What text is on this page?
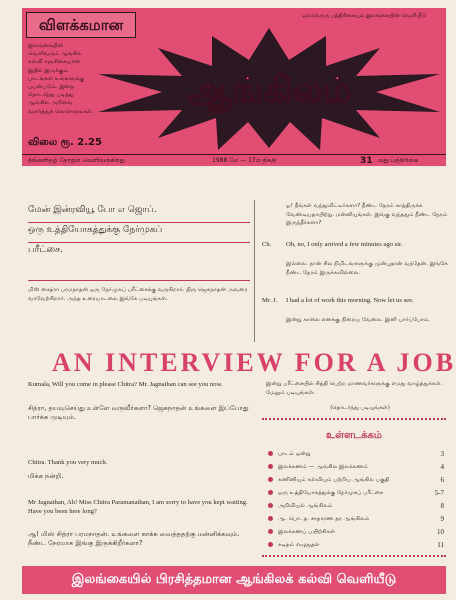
விளக்கமான
இலங்கையின் வெளிவரும் ஆங்கில கல்வி சஞ்சிகையான இதில் இருக்கும் பாடங்கள் உங்களுக்கு பயன்படும். இதை தொடர்ந்து படித்து ஆங்கில அறிவை வளர்த்துக் கொள்ளுங்கள்.
விலை ரூ. 2.25
ஒவ்வொரு பத்திரிகையும் இலங்கையின் வெளியீடு
ஆங்கிலம்
திங்களிதழ் தோறும் வெளிவருகிறது	1988 மே — 17ம் திகதி	31 வது பத்திரிகை
மேன் இன்ரவியூ போ எ ஜொப்.
ஒரு உத்தியோகத்துக்கு நேர்முகப்
பரீட்சை.
மிஸ் சைத்ரா பரமநாதன் ஒரு நேர்முகப் பரீட்சைக்கு வருகிறார். திரு ஜெகநாதன் அவரை வரவேற்கிறார். அந்த உரையாடலை இங்கே படியுங்கள்.
ஓ! நீங்கள் வந்துவிட்டீர்களா? நீண்ட நேரம் காத்திருக்க வேண்டியதாயிற்று. மன்னியுங்கள். இங்கு வந்ததும் நீண்ட நேரம் இருந்தீர்களா?
Ch.	Oh, no, I only arrived a few minutes ago sir.
இல்லை. நான் சில நிமிடங்களுக்கு முன்புதான் வந்தேன். இங்கே நீண்ட நேரம் இருக்கவில்லை.
Mr. J.	I had a lot of work this morning. Now let us see.
இன்று காலை எனக்கு நிறைய வேலை. இனி பார்ப்போம்.
AN INTERVIEW FOR A JOB
Kumala, Will you come in please Chitra? Mr. Jagnathan can see you now.
சித்ரா, தயவுசெய்து உள்ளே வருவீர்களா? ஜெகநாதன் உங்களை இப்போது பார்க்க முடியும்.
Chitra. Thank you very much.
மிக்க நன்றி.
Mr Jagnathan, Ah! Miss Chitra Paramanathan, I am sorry to have you kept waiting. Have you been here long?
ஆ! மிஸ் சித்ரா பரமநாதன். உங்களை காக்க வைத்ததற்கு மன்னிக்கவும். நீண்ட நேரமாக இங்கு இருக்கிறீர்களா?
இன்று பரீட்சையில் சித்தி பெற்ற மாணவர்களுக்கு எமது வாழ்த்துக்கள். மேலும் படியுங்கள்.
(தொடர்ந்து படியுங்கள்)
உள்ளடக்கம்
பாடம் ஒன்று	3
இலக்கணம் — ஆங்கில இலக்கணம்	4
கணினியும் கல்வியும் பற்றிய ஆங்கில பகுதி	6
ஒரு உத்தியோகத்துக்கு நேர்முகப் பரீட்சை	5-7
அறிவியல் ஆங்கிலம்	8
ஆ. பொ. த. சாதாரண தர ஆங்கிலம்	9
இலக்கணப் பயிற்சிகள்	10
கடிதம் எழுதுதல்	11
இலங்கையில் பிரசித்தமான ஆங்கிலக் கல்வி வெளியீடு
